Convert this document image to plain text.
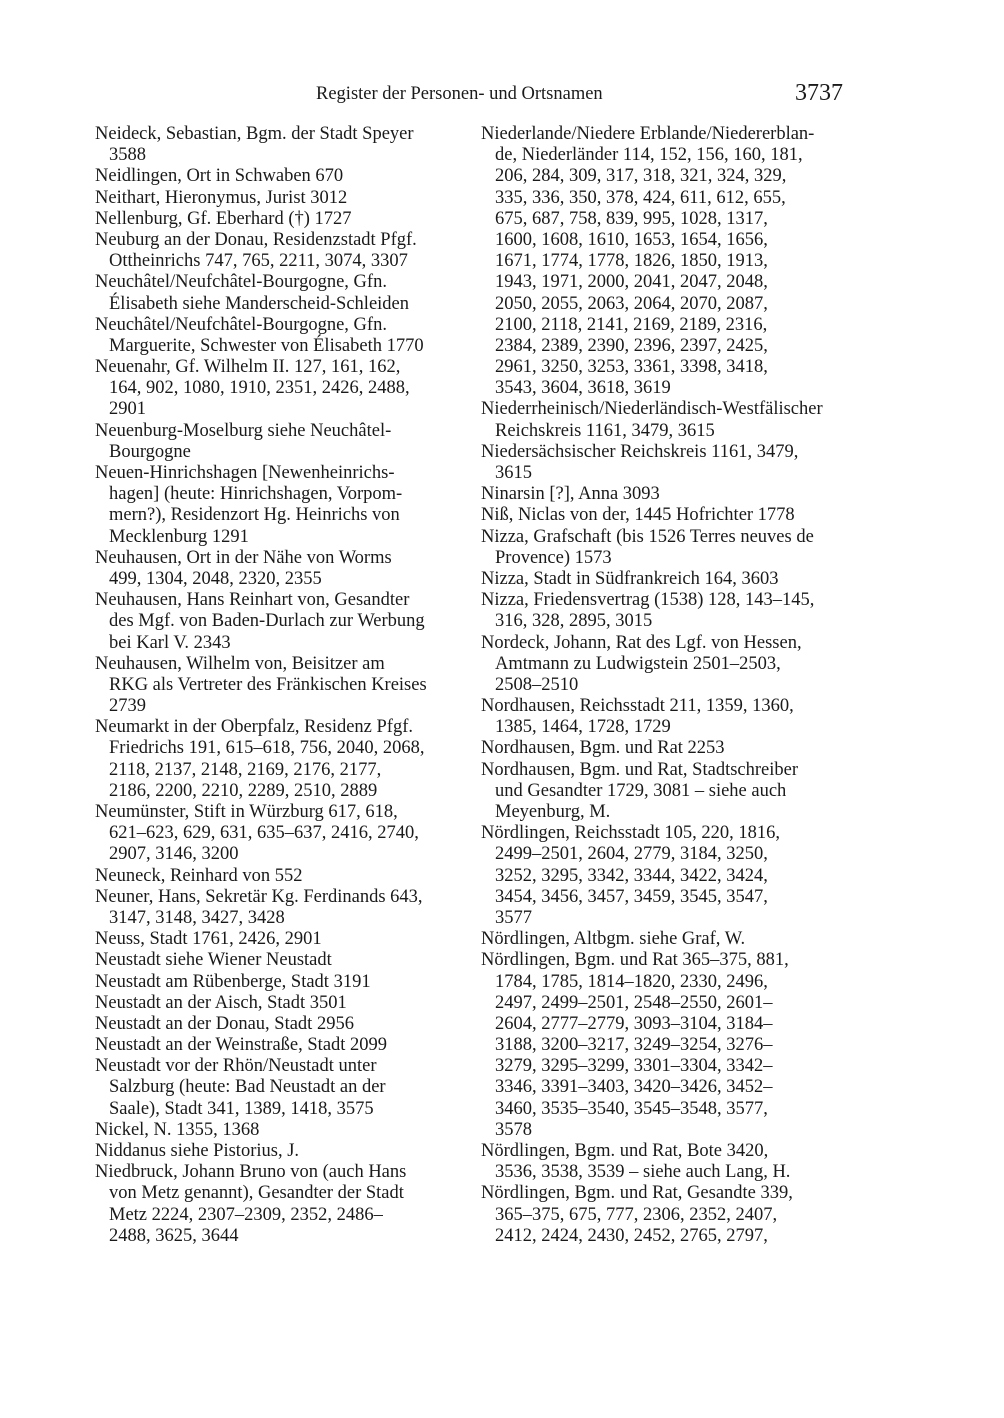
Register der Personen- und Ortsnamen	3737
Neideck, Sebastian, Bgm. der Stadt Speyer
3588
Neidlingen, Ort in Schwaben 670
Neithart, Hieronymus, Jurist 3012
Nellenburg, Gf. Eberhard (†) 1727
Neuburg an der Donau, Residenzstadt Pfgf.
Ottheinrichs 747, 765, 2211, 3074, 3307
Neuchâtel/Neufchâtel-Bourgogne, Gfn.
Élisabeth siehe Manderscheid-Schleiden
Neuchâtel/Neufchâtel-Bourgogne, Gfn.
Marguerite, Schwester von Élisabeth 1770
Neuenahr, Gf. Wilhelm II. 127, 161, 162,
164, 902, 1080, 1910, 2351, 2426, 2488,
2901
Neuenburg-Moselburg siehe Neuchâtel-
Bourgogne
Neuen-Hinrichshagen [Newenheinrichs-
hagen] (heute: Hinrichshagen, Vorpom-
mern?), Residenzort Hg. Heinrichs von
Mecklenburg 1291
Neuhausen, Ort in der Nähe von Worms
499, 1304, 2048, 2320, 2355
Neuhausen, Hans Reinhart von, Gesandter
des Mgf. von Baden-Durlach zur Werbung
bei Karl V. 2343
Neuhausen, Wilhelm von, Beisitzer am
RKG als Vertreter des Fränkischen Kreises
2739
Neumarkt in der Oberpfalz, Residenz Pfgf.
Friedrichs 191, 615–618, 756, 2040, 2068,
2118, 2137, 2148, 2169, 2176, 2177,
2186, 2200, 2210, 2289, 2510, 2889
Neumünster, Stift in Würzburg 617, 618,
621–623, 629, 631, 635–637, 2416, 2740,
2907, 3146, 3200
Neuneck, Reinhard von 552
Neuner, Hans, Sekretär Kg. Ferdinands 643,
3147, 3148, 3427, 3428
Neuss, Stadt 1761, 2426, 2901
Neustadt siehe Wiener Neustadt
Neustadt am Rübenberge, Stadt 3191
Neustadt an der Aisch, Stadt 3501
Neustadt an der Donau, Stadt 2956
Neustadt an der Weinstraße, Stadt 2099
Neustadt vor der Rhön/Neustadt unter
Salzburg (heute: Bad Neustadt an der
Saale), Stadt 341, 1389, 1418, 3575
Nickel, N. 1355, 1368
Niddanus siehe Pistorius, J.
Niedbruck, Johann Bruno von (auch Hans
von Metz genannt), Gesandter der Stadt
Metz 2224, 2307–2309, 2352, 2486–
2488, 3625, 3644
Niederlande/Niedere Erblande/Niedererblan-
de, Niederländer 114, 152, 156, 160, 181,
206, 284, 309, 317, 318, 321, 324, 329,
335, 336, 350, 378, 424, 611, 612, 655,
675, 687, 758, 839, 995, 1028, 1317,
1600, 1608, 1610, 1653, 1654, 1656,
1671, 1774, 1778, 1826, 1850, 1913,
1943, 1971, 2000, 2041, 2047, 2048,
2050, 2055, 2063, 2064, 2070, 2087,
2100, 2118, 2141, 2169, 2189, 2316,
2384, 2389, 2390, 2396, 2397, 2425,
2961, 3250, 3253, 3361, 3398, 3418,
3543, 3604, 3618, 3619
Niederrheinisch/Niederländisch-Westfälischer
Reichskreis 1161, 3479, 3615
Niedersächsischer Reichskreis 1161, 3479,
3615
Ninarsin [?], Anna 3093
Niß, Niclas von der, 1445 Hofrichter 1778
Nizza, Grafschaft (bis 1526 Terres neuves de
Provence) 1573
Nizza, Stadt in Südfrankreich 164, 3603
Nizza, Friedensvertrag (1538) 128, 143–145,
316, 328, 2895, 3015
Nordeck, Johann, Rat des Lgf. von Hessen,
Amtmann zu Ludwigstein 2501–2503,
2508–2510
Nordhausen, Reichsstadt 211, 1359, 1360,
1385, 1464, 1728, 1729
Nordhausen, Bgm. und Rat 2253
Nordhausen, Bgm. und Rat, Stadtschreiber
und Gesandter 1729, 3081 – siehe auch
Meyenburg, M.
Nördlingen, Reichsstadt 105, 220, 1816,
2499–2501, 2604, 2779, 3184, 3250,
3252, 3295, 3342, 3344, 3422, 3424,
3454, 3456, 3457, 3459, 3545, 3547,
3577
Nördlingen, Altbgm. siehe Graf, W.
Nördlingen, Bgm. und Rat 365–375, 881,
1784, 1785, 1814–1820, 2330, 2496,
2497, 2499–2501, 2548–2550, 2601–
2604, 2777–2779, 3093–3104, 3184–
3188, 3200–3217, 3249–3254, 3276–
3279, 3295–3299, 3301–3304, 3342–
3346, 3391–3403, 3420–3426, 3452–
3460, 3535–3540, 3545–3548, 3577,
3578
Nördlingen, Bgm. und Rat, Bote 3420,
3536, 3538, 3539 – siehe auch Lang, H.
Nördlingen, Bgm. und Rat, Gesandte 339,
365–375, 675, 777, 2306, 2352, 2407,
2412, 2424, 2430, 2452, 2765, 2797,
